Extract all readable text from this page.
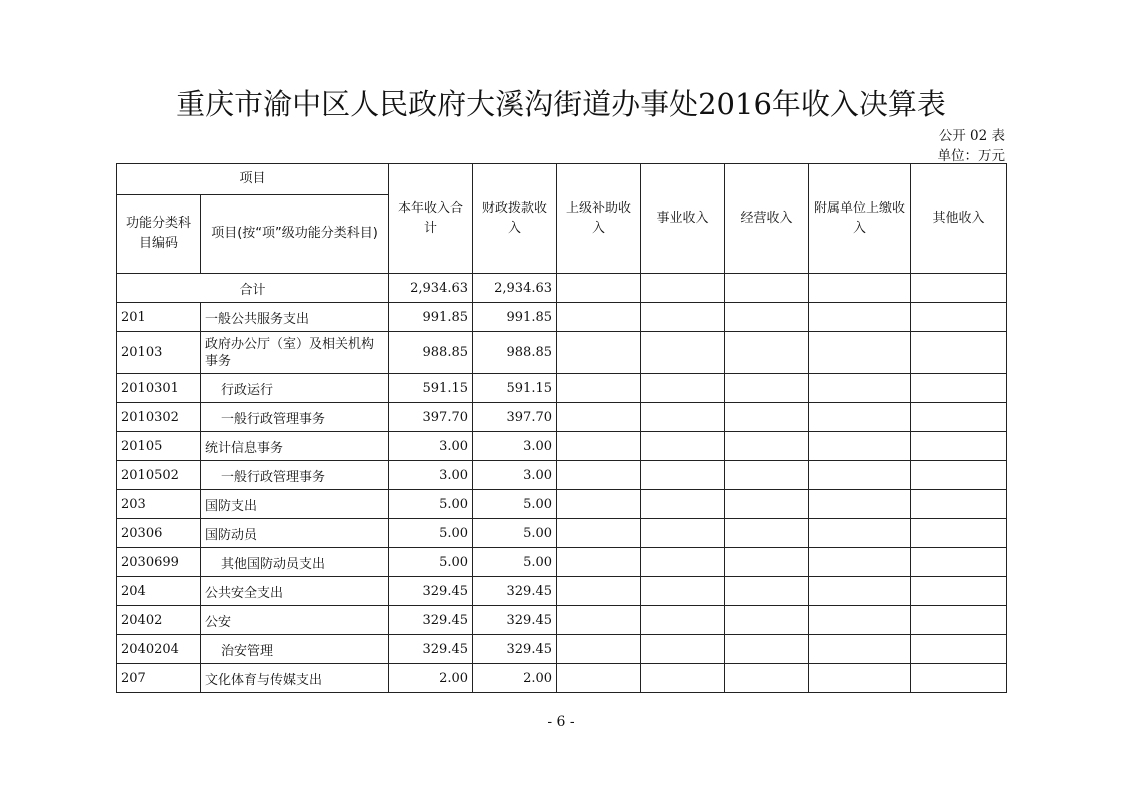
重庆市渝中区人民政府大溪沟街道办事处2016年收入决算表
公开 02 表
单位：万元
项目		本年收入合计	财政拨款收入	上级补助收入	事业收入	经营收入	附属单位上缴收入	其他收入
功能分类科目编码	项目(按“项”级功能分类科目)							
合计		2,934.63	2,934.63					
201	一般公共服务支出	991.85	991.85					
20103	政府办公厅（室）及相关机构事务	988.85	988.85					
2010301	行政运行	591.15	591.15					
2010302	一般行政管理事务	397.70	397.70					
20105	统计信息事务	3.00	3.00					
2010502	一般行政管理事务	3.00	3.00					
203	国防支出	5.00	5.00					
20306	国防动员	5.00	5.00					
2030699	其他国防动员支出	5.00	5.00					
204	公共安全支出	329.45	329.45					
20402	公安	329.45	329.45					
2040204	治安管理	329.45	329.45					
207	文化体育与传媒支出	2.00	2.00					
- 6 -
